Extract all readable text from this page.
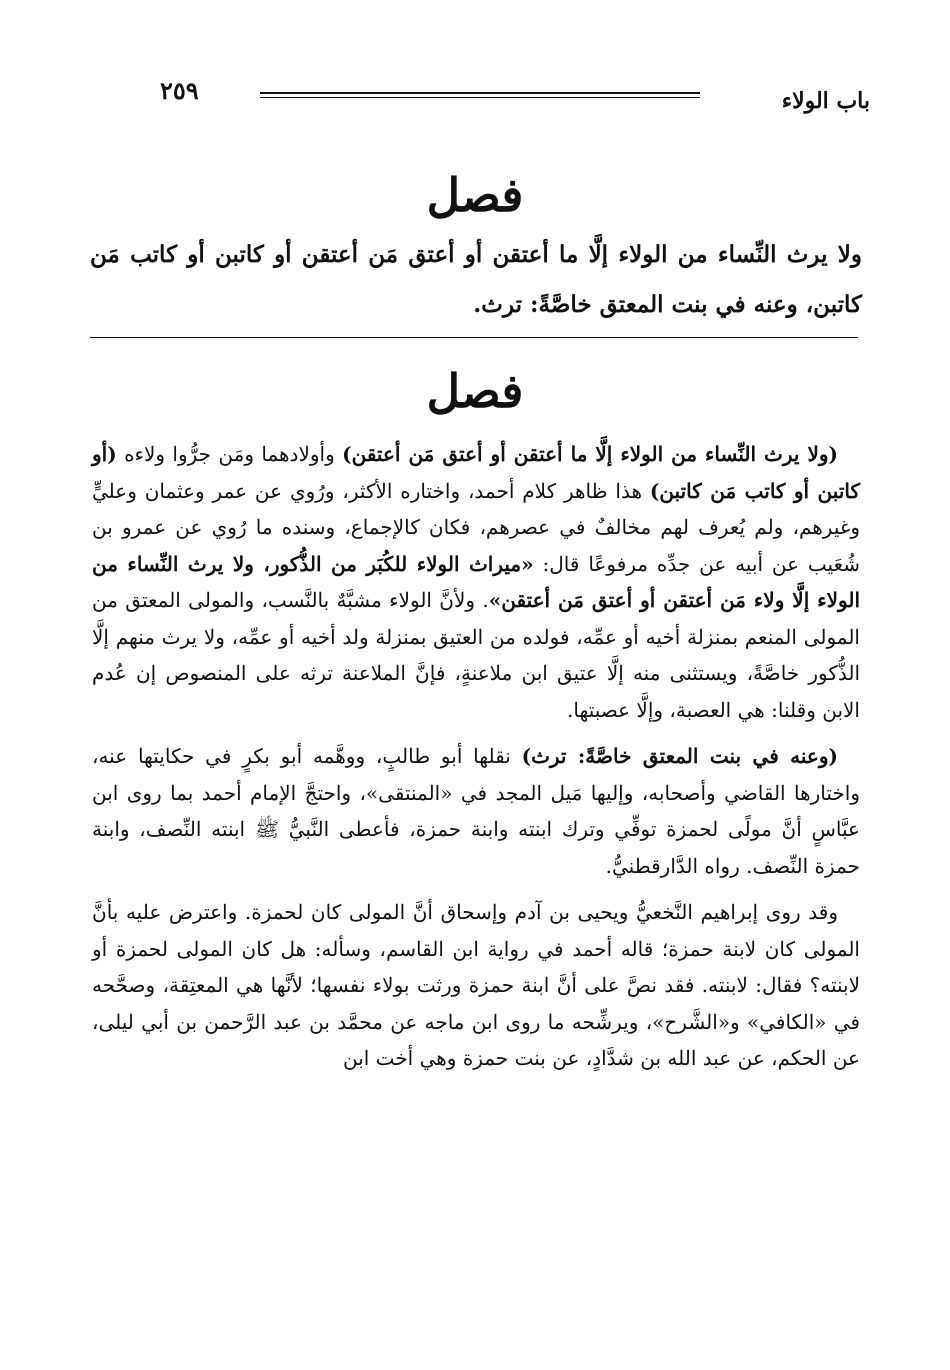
باب الولاء
٢٥٩
فصل
ولا يرث النِّساء من الولاء إلَّا ما أعتقن أو أعتق مَن أعتقن أو كاتبن أو كاتب مَن كاتبن، وعنه في بنت المعتق خاصَّةً: ترث.
فصل

(ولا يرث النِّساء من الولاء إلَّا ما أعتقن أو أعتق مَن أعتقن) وأولادهما ومَن جرُّوا ولاءه (أو كاتبن أو كاتب مَن كاتبن) هذا ظاهر كلام أحمد، واختاره الأكثر، ورُوي عن عمر وعثمان وعليٍّ وغيرهم، ولم يُعرف لهم مخالفٌ في عصرهم، فكان كالإجماع، وسنده ما رُوي عن عمرو بن شُعَيب عن أبيه عن جدِّه مرفوعًا قال: «ميراث الولاء للكُبَر من الذُّكور، ولا يرث النِّساء من الولاء إلَّا ولاء مَن أعتقن أو أعتق مَن أعتقن». ولأنَّ الولاء مشبَّهٌ بالنَّسب، والمولى المعتق من المولى المنعم بمنزلة أخيه أو عمِّه، فولده من العتيق بمنزلة ولد أخيه أو عمِّه، ولا يرث منهم إلَّا الذُّكور خاصَّةً، ويستثنى منه إلَّا عتيق ابن ملاعنةٍ، فإنَّ الملاعنة ترثه على المنصوص إن عُدم الابن وقلنا: هي العصبة، وإلَّا عصبتها.

(وعنه في بنت المعتق خاصَّةً: ترث) نقلها أبو طالبٍ، ووهَّمه أبو بكرٍ في حكايتها عنه، واختارها القاضي وأصحابه، وإليها مَيل المجد في «المنتقى»، واحتجَّ الإمام أحمد بما روى ابن عبَّاسٍ أنَّ مولًى لحمزة توفِّي وترك ابنته وابنة حمزة، فأعطى النَّبيُّ ﷺ ابنته النِّصف، وابنة حمزة النِّصف. رواه الدَّارقطنيُّ.

وقد روى إبراهيم النَّخعيُّ ويحيى بن آدم وإسحاق أنَّ المولى كان لحمزة. واعترض عليه بأنَّ المولى كان لابنة حمزة؛ قاله أحمد في رواية ابن القاسم، وسأله: هل كان المولى لحمزة أو لابنته؟ فقال: لابنته. فقد نصَّ على أنَّ ابنة حمزة ورثت بولاء نفسها؛ لأنَّها هي المعتِقة، وصحَّحه في «الكافي» و«الشَّرح»، ويرشِّحه ما روى ابن ماجه عن محمَّد بن عبد الرَّحمن بن أبي ليلى، عن الحكم، عن عبد الله بن شدَّادٍ، عن بنت حمزة وهي أخت ابن
